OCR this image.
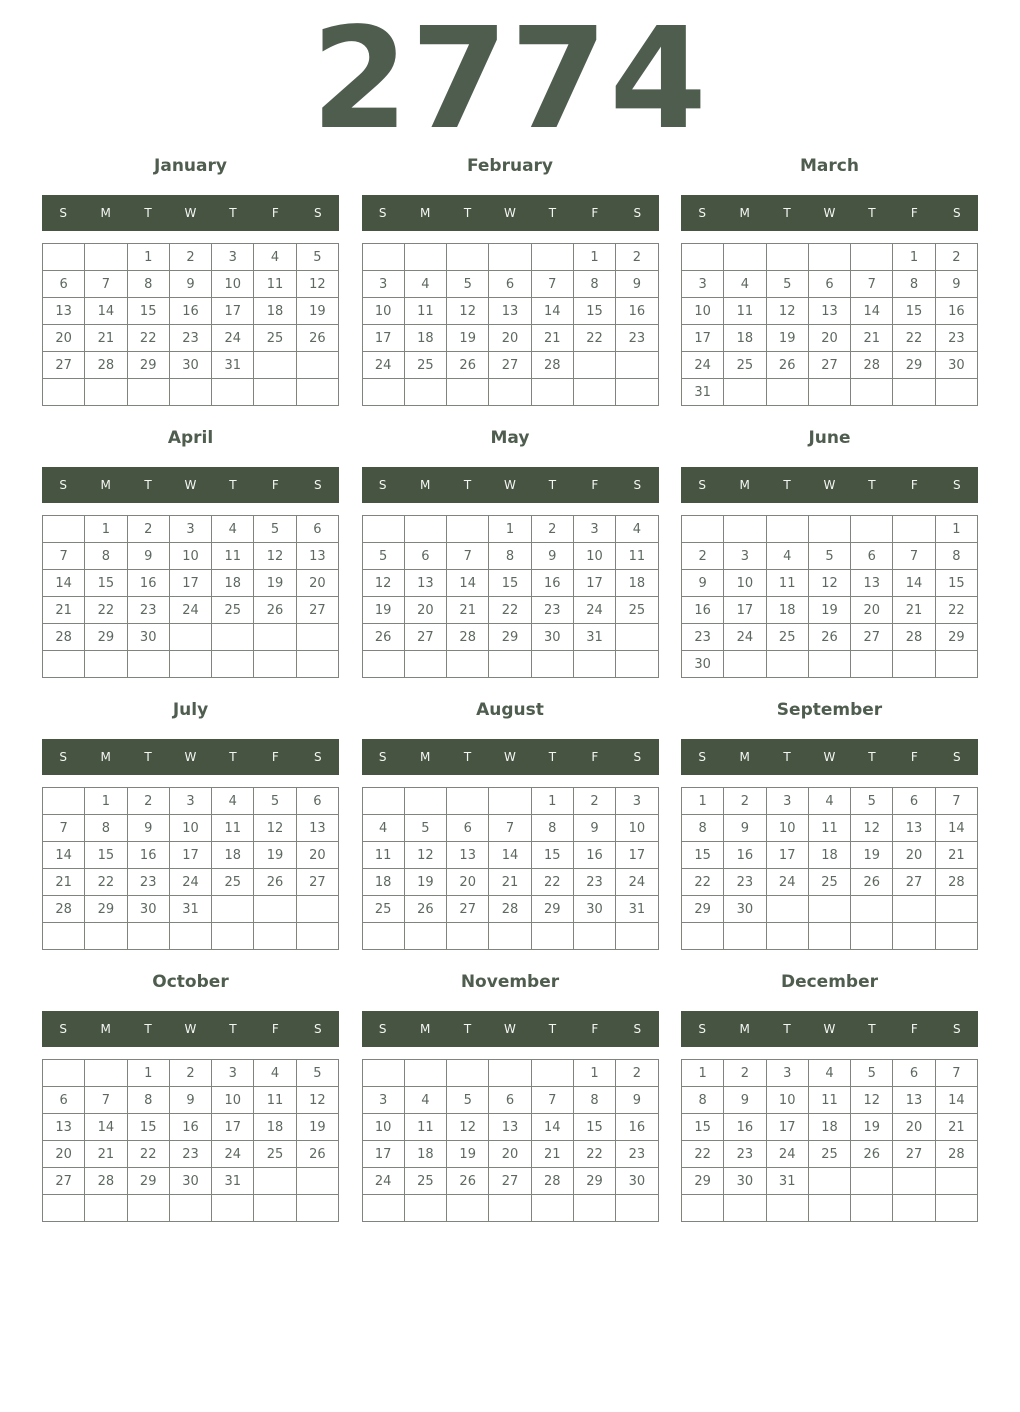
2774
January
S	M	T	W	T	F	S
		1	2	3	4	5
6	7	8	9	10	11	12
13	14	15	16	17	18	19
20	21	22	23	24	25	26
27	28	29	30	31		

February
S	M	T	W	T	F	S
					1	2
3	4	5	6	7	8	9
10	11	12	13	14	15	16
17	18	19	20	21	22	23
24	25	26	27	28		

March
S	M	T	W	T	F	S
					1	2
3	4	5	6	7	8	9
10	11	12	13	14	15	16
17	18	19	20	21	22	23
24	25	26	27	28	29	30
31						
April
S	M	T	W	T	F	S
	1	2	3	4	5	6
7	8	9	10	11	12	13
14	15	16	17	18	19	20
21	22	23	24	25	26	27
28	29	30				

May
S	M	T	W	T	F	S
			1	2	3	4
5	6	7	8	9	10	11
12	13	14	15	16	17	18
19	20	21	22	23	24	25
26	27	28	29	30	31	

June
S	M	T	W	T	F	S
						1
2	3	4	5	6	7	8
9	10	11	12	13	14	15
16	17	18	19	20	21	22
23	24	25	26	27	28	29
30						
July
S	M	T	W	T	F	S
	1	2	3	4	5	6
7	8	9	10	11	12	13
14	15	16	17	18	19	20
21	22	23	24	25	26	27
28	29	30	31			

August
S	M	T	W	T	F	S
				1	2	3
4	5	6	7	8	9	10
11	12	13	14	15	16	17
18	19	20	21	22	23	24
25	26	27	28	29	30	31

September
S	M	T	W	T	F	S
1	2	3	4	5	6	7
8	9	10	11	12	13	14
15	16	17	18	19	20	21
22	23	24	25	26	27	28
29	30					

October
S	M	T	W	T	F	S
		1	2	3	4	5
6	7	8	9	10	11	12
13	14	15	16	17	18	19
20	21	22	23	24	25	26
27	28	29	30	31		

November
S	M	T	W	T	F	S
					1	2
3	4	5	6	7	8	9
10	11	12	13	14	15	16
17	18	19	20	21	22	23
24	25	26	27	28	29	30

December
S	M	T	W	T	F	S
1	2	3	4	5	6	7
8	9	10	11	12	13	14
15	16	17	18	19	20	21
22	23	24	25	26	27	28
29	30	31				
